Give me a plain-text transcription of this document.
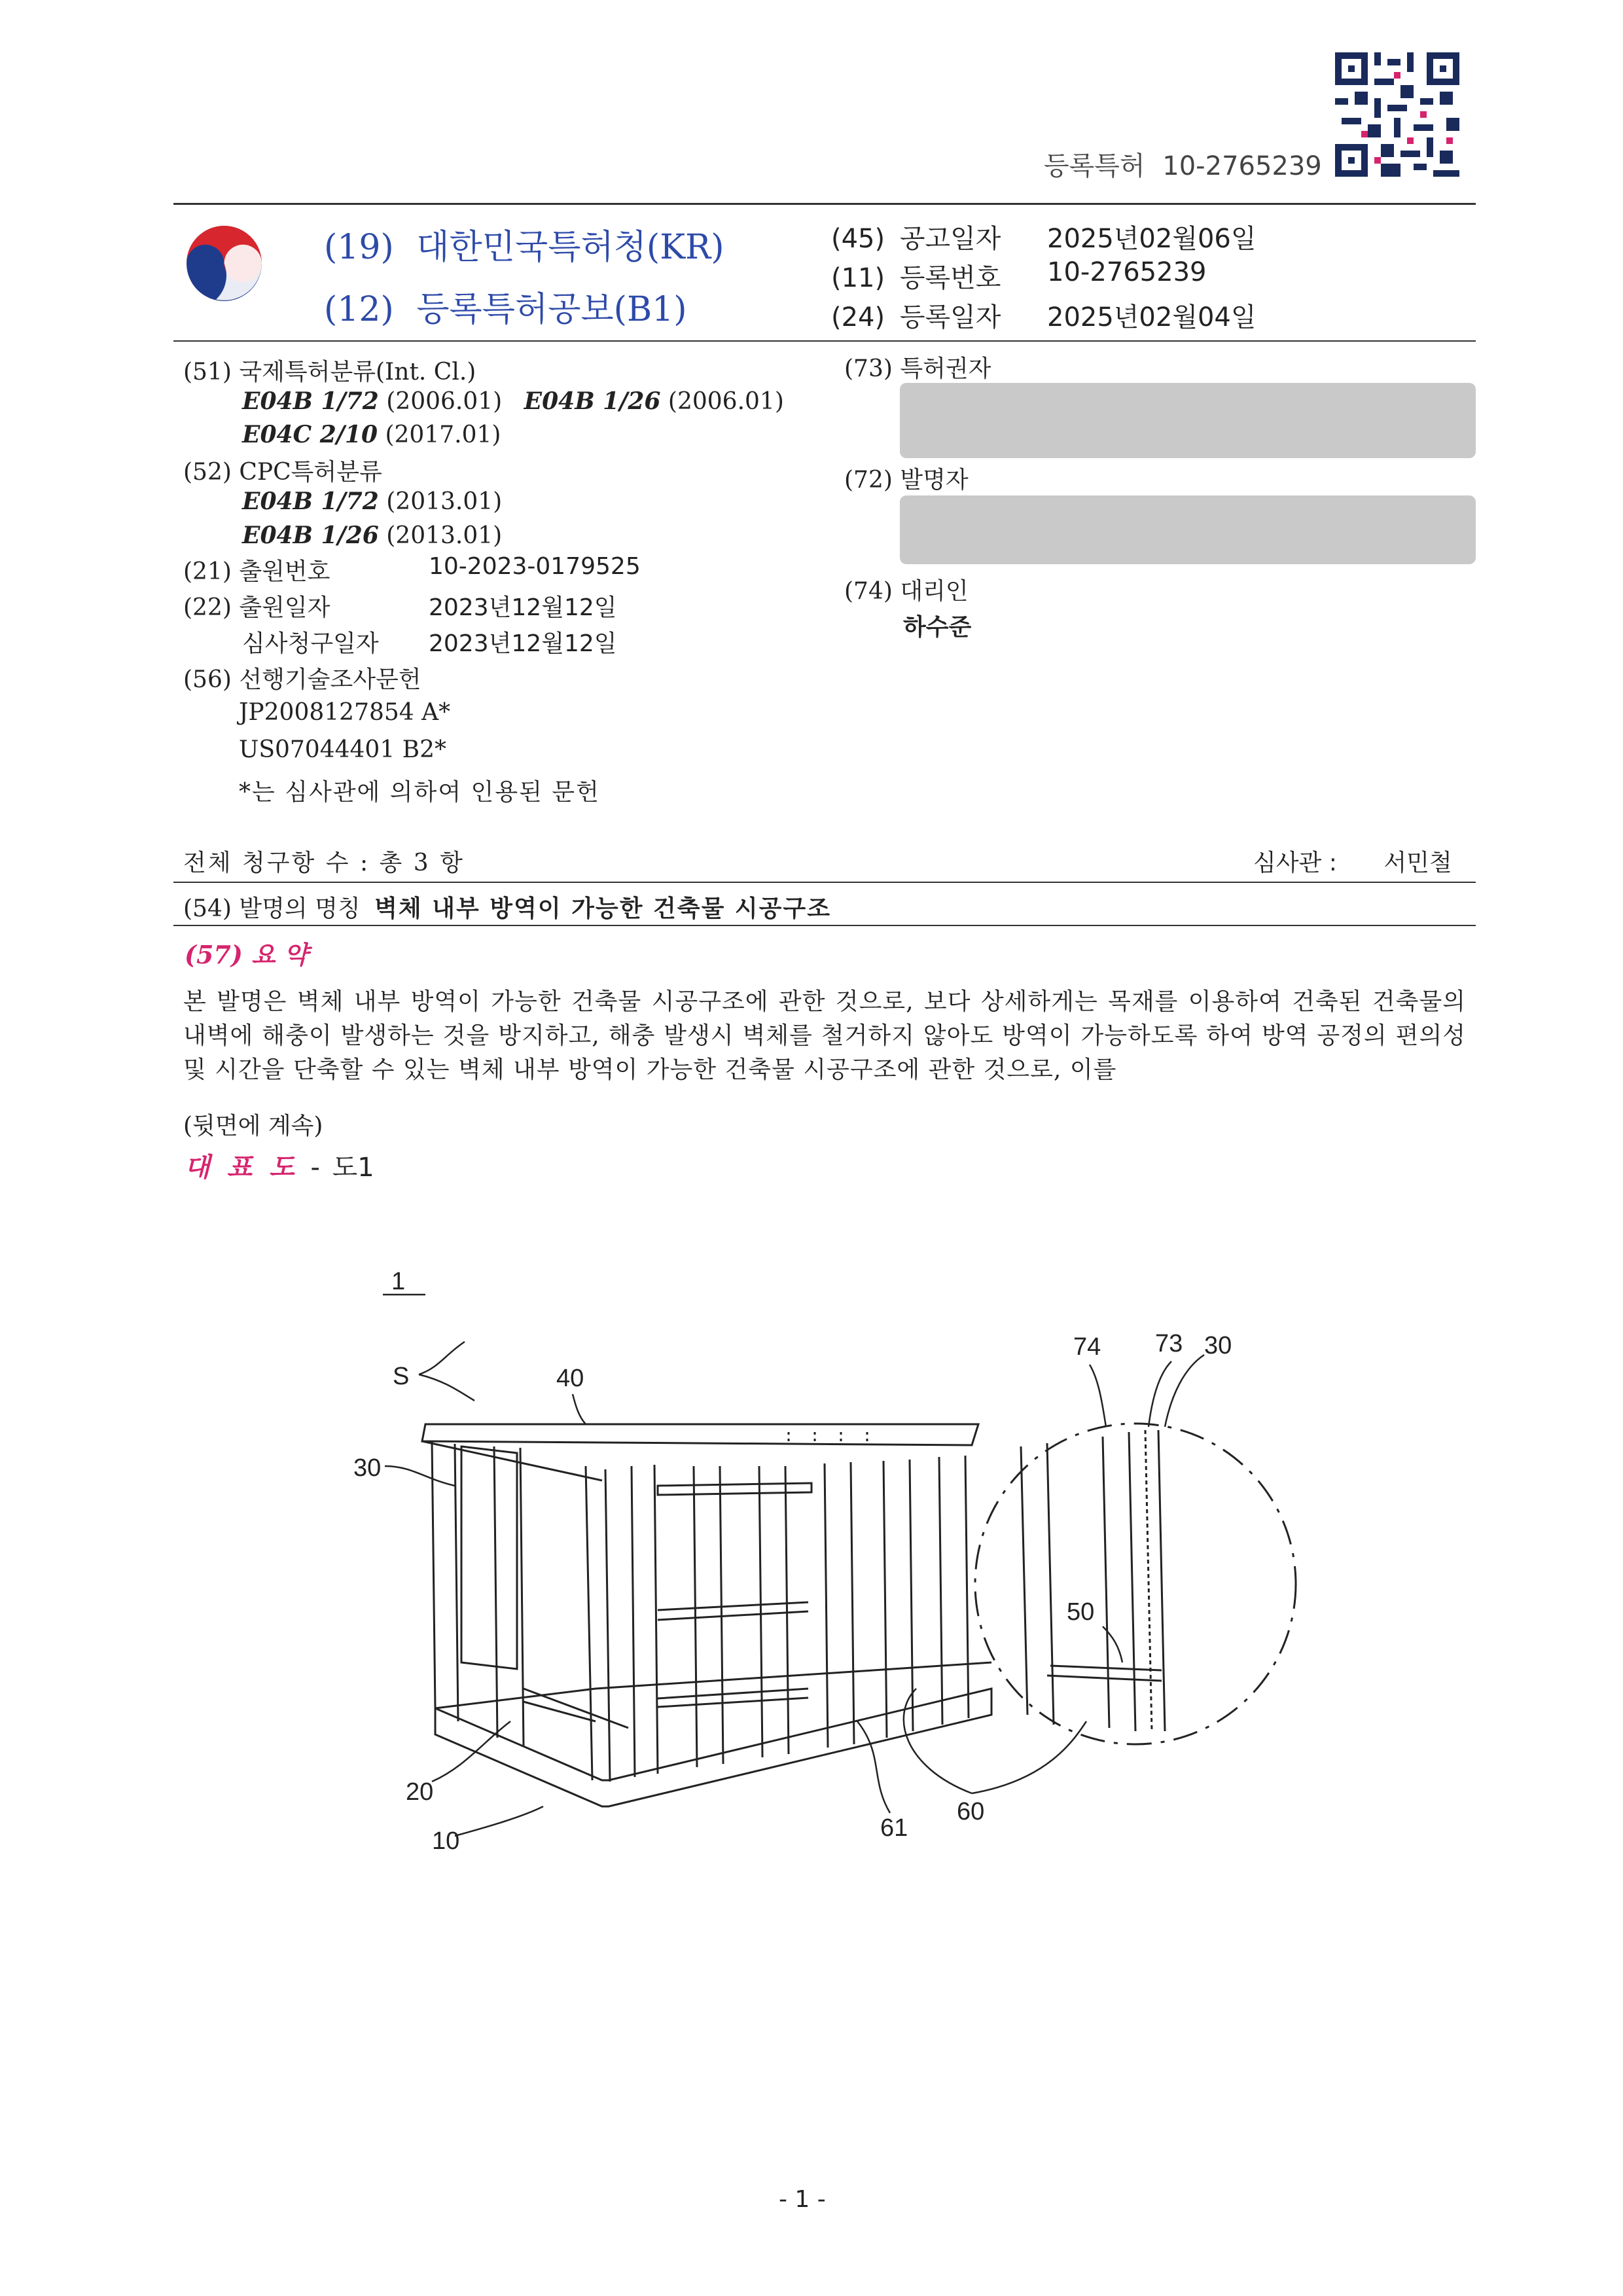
등록특허 10-2765239
(19) 대한민국특허청(KR)
(12) 등록특허공보(B1)
(45) 공고일자 2025년02월06일
(11) 등록번호 10-2765239
(24) 등록일자 2025년02월04일
(51) 국제특허분류(Int. Cl.)
E04B 1/72 (2006.01) E04B 1/26 (2006.01)
E04C 2/10 (2017.01)
(52) CPC특허분류
E04B 1/72 (2013.01)
E04B 1/26 (2013.01)
(21) 출원번호	10-2023-0179525
(22) 출원일자	2023년12월12일
심사청구일자 2023년12월12일
(56) 선행기술조사문헌
JP2008127854 A*
US07044401 B2*
*는 심사관에 의하여 인용된 문헌
(73) 특허권자
(72) 발명자
(74) 대리인
하수준
전체 청구항 수 : 총 3 항	심사관 : 서민철
(54) 발명의 명칭 벽체 내부 방역이 가능한 건축물 시공구조
(57) 요 약
본 발명은 벽체 내부 방역이 가능한 건축물 시공구조에 관한 것으로, 보다 상세하게는 목재를 이용하여 건축된 건축물의 내벽에 해충이 발생하는 것을 방지하고, 해충 발생시 벽체를 철거하지 않아도 방역이 가능하도록 하여 방역 공정의 편의성 및 시간을 단축할 수 있는 벽체 내부 방역이 가능한 건축물 시공구조에 관한 것으로, 이를
(뒷면에 계속)
대 표 도 - 도1
1
40
S
30
20
10	61
60
74 73 30
50
- 1 -
